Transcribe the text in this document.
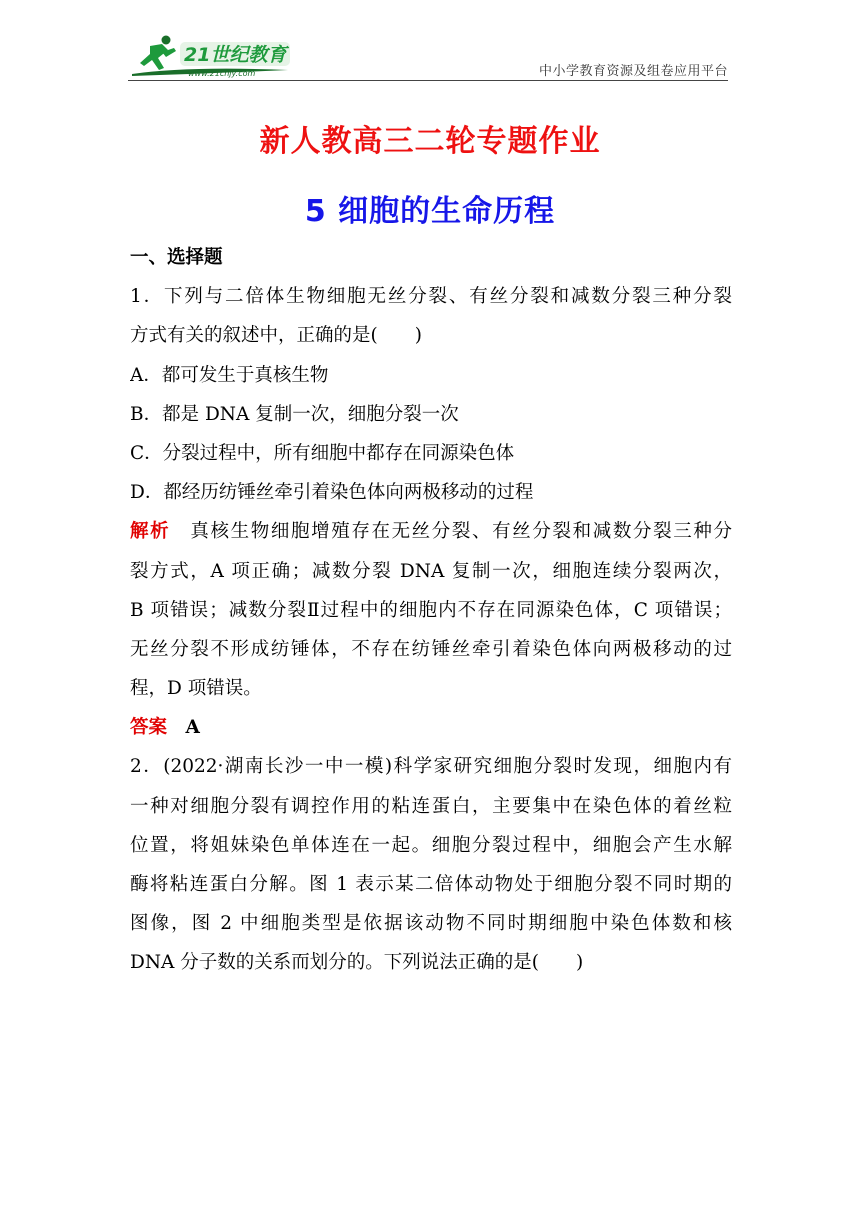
21世纪教育
www.21cnjy.com	中小学教育资源及组卷应用平台
新人教高三二轮专题作业
5 细胞的生命历程
一、选择题
1．下列与二倍体生物细胞无丝分裂、有丝分裂和减数分裂三种分裂
方式有关的叙述中，正确的是(　　)
A．都可发生于真核生物
B．都是 DNA 复制一次，细胞分裂一次
C．分裂过程中，所有细胞中都存在同源染色体
D．都经历纺锤丝牵引着染色体向两极移动的过程
解析　真核生物细胞增殖存在无丝分裂、有丝分裂和减数分裂三种分
裂方式，A 项正确；减数分裂 DNA 复制一次，细胞连续分裂两次，
B 项错误；减数分裂Ⅱ过程中的细胞内不存在同源染色体，C 项错误；
无丝分裂不形成纺锤体，不存在纺锤丝牵引着染色体向两极移动的过
程，D 项错误。
答案　 A
2．(2022·湖南长沙一中一模)科学家研究细胞分裂时发现，细胞内有
一种对细胞分裂有调控作用的粘连蛋白，主要集中在染色体的着丝粒
位置，将姐妹染色单体连在一起。细胞分裂过程中，细胞会产生水解
酶将粘连蛋白分解。图 1 表示某二倍体动物处于细胞分裂不同时期的
图像，图 2 中细胞类型是依据该动物不同时期细胞中染色体数和核
DNA 分子数的关系而划分的。下列说法正确的是(　　)
